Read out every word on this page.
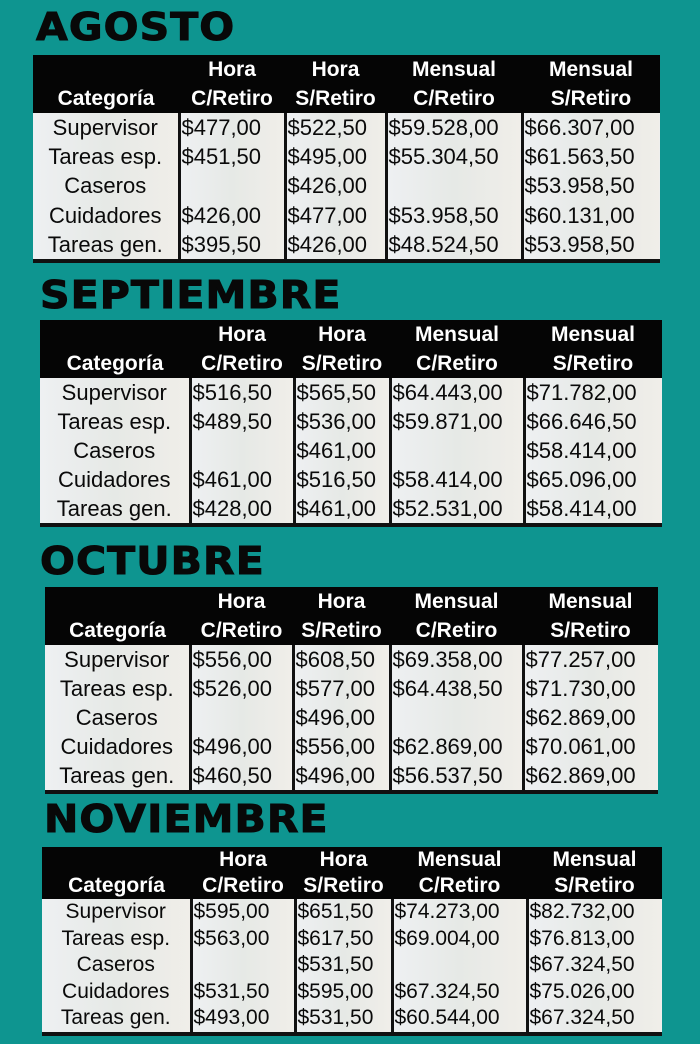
AGOSTO
	Hora	Hora	Mensual	Mensual
Categoría	C/Retiro	S/Retiro	C/Retiro	S/Retiro
Supervisor	$477,00	$522,50	$59.528,00	$66.307,00
Tareas esp.	$451,50	$495,00	$55.304,50	$61.563,50
Caseros		$426,00		$53.958,50
Cuidadores	$426,00	$477,00	$53.958,50	$60.131,00
Tareas gen.	$395,50	$426,00	$48.524,50	$53.958,50
SEPTIEMBRE
	Hora	Hora	Mensual	Mensual
Categoría	C/Retiro	S/Retiro	C/Retiro	S/Retiro
Supervisor	$516,50	$565,50	$64.443,00	$71.782,00
Tareas esp.	$489,50	$536,00	$59.871,00	$66.646,50
Caseros		$461,00		$58.414,00
Cuidadores	$461,00	$516,50	$58.414,00	$65.096,00
Tareas gen.	$428,00	$461,00	$52.531,00	$58.414,00
OCTUBRE
	Hora	Hora	Mensual	Mensual
Categoría	C/Retiro	S/Retiro	C/Retiro	S/Retiro
Supervisor	$556,00	$608,50	$69.358,00	$77.257,00
Tareas esp.	$526,00	$577,00	$64.438,50	$71.730,00
Caseros		$496,00		$62.869,00
Cuidadores	$496,00	$556,00	$62.869,00	$70.061,00
Tareas gen.	$460,50	$496,00	$56.537,50	$62.869,00
NOVIEMBRE
	Hora	Hora	Mensual	Mensual
Categoría	C/Retiro	S/Retiro	C/Retiro	S/Retiro
Supervisor	$595,00	$651,50	$74.273,00	$82.732,00
Tareas esp.	$563,00	$617,50	$69.004,00	$76.813,00
Caseros		$531,50		$67.324,50
Cuidadores	$531,50	$595,00	$67.324,50	$75.026,00
Tareas gen.	$493,00	$531,50	$60.544,00	$67.324,50
